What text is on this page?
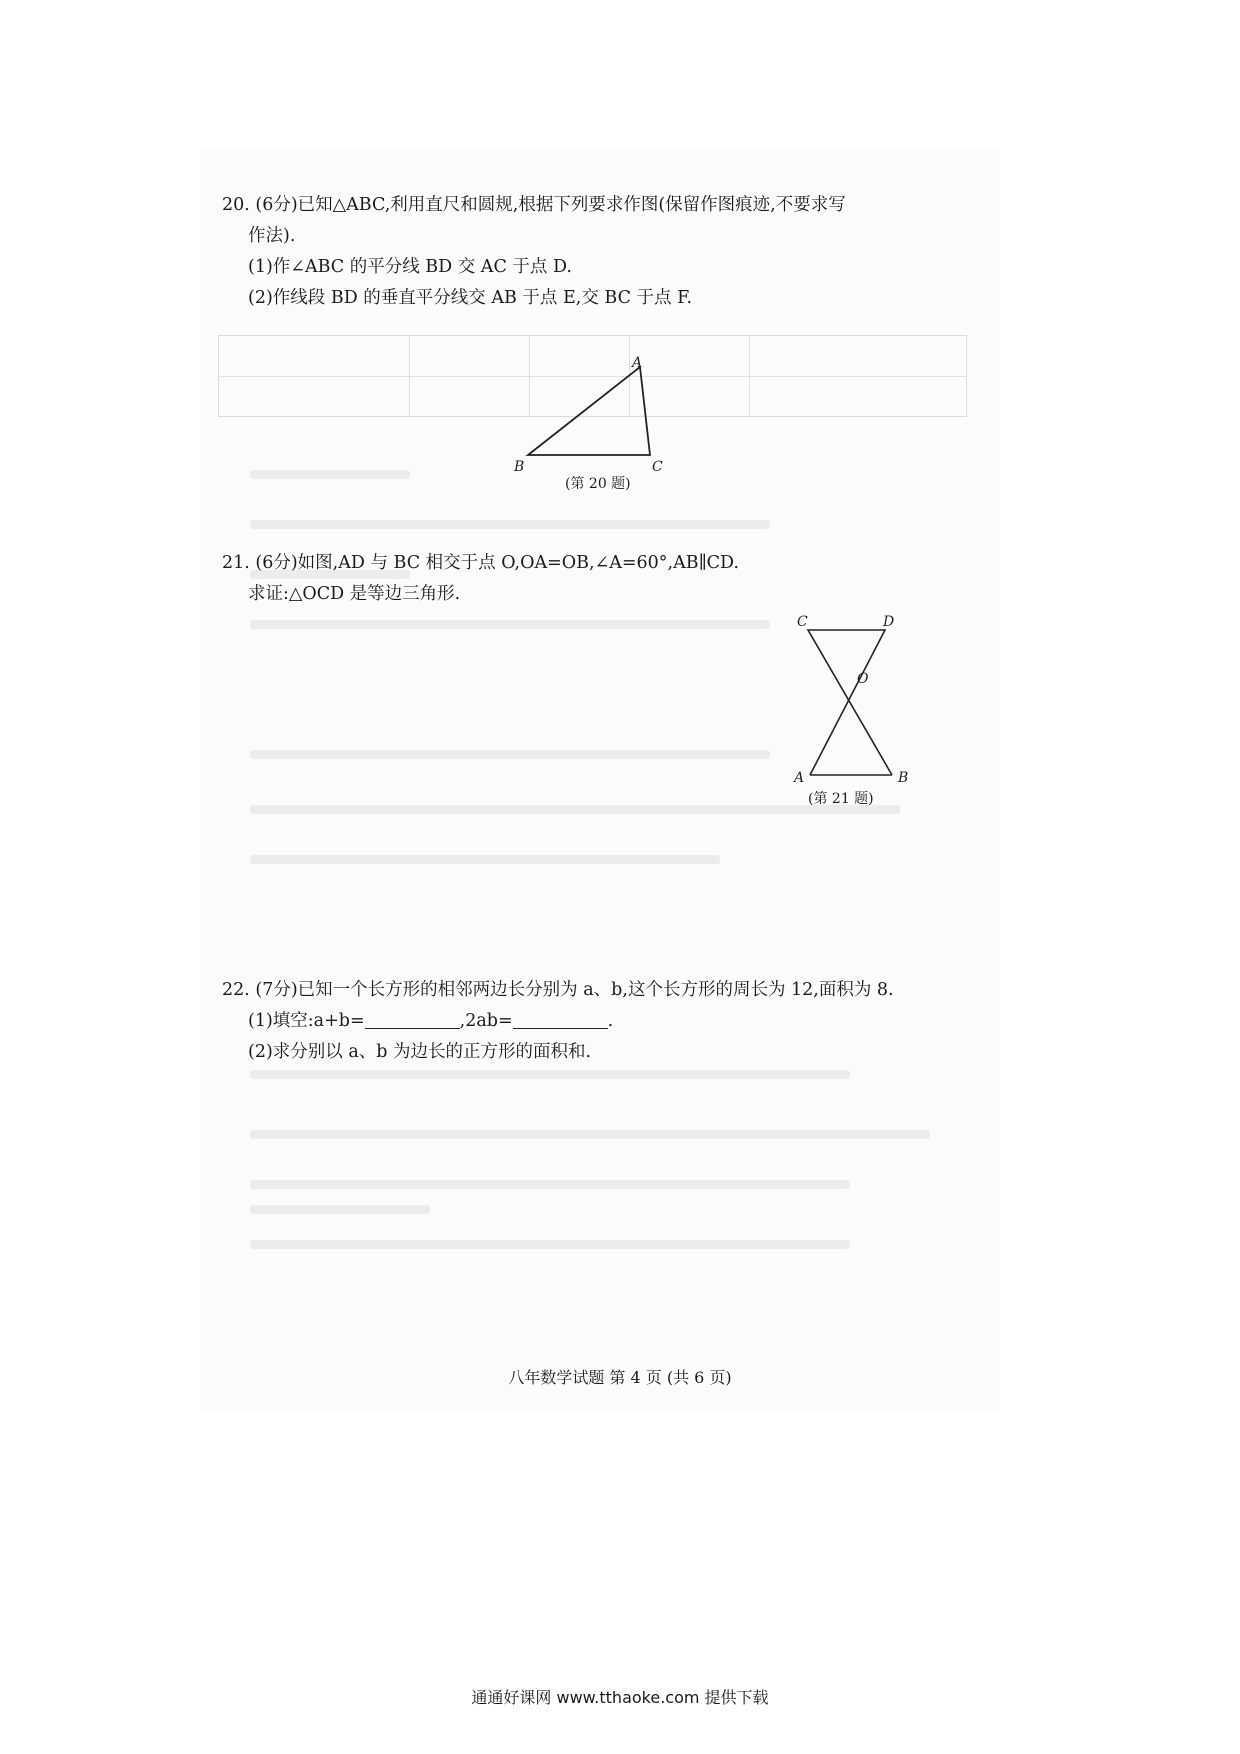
20. (6分)已知△ABC,利用直尺和圆规,根据下列要求作图(保留作图痕迹,不要求写
作法).
(1)作∠ABC 的平分线 BD 交 AC 于点 D.
(2)作线段 BD 的垂直平分线交 AB 于点 E,交 BC 于点 F.
A
B	C
(第 20 题)
21. (6分)如图,AD 与 BC 相交于点 O,OA=OB,∠A=60°,AB∥CD.
求证:△OCD 是等边三角形.
C	D
O
A	B
(第 21 题)
22. (7分)已知一个长方形的相邻两边长分别为 a、b,这个长方形的周长为 12,面积为 8.
(1)填空:a+b=	,2ab=	.
(2)求分别以 a、b 为边长的正方形的面积和.
八年数学试题 第 4 页 (共 6 页)
通通好课网 www.tthaoke.com 提供下载
